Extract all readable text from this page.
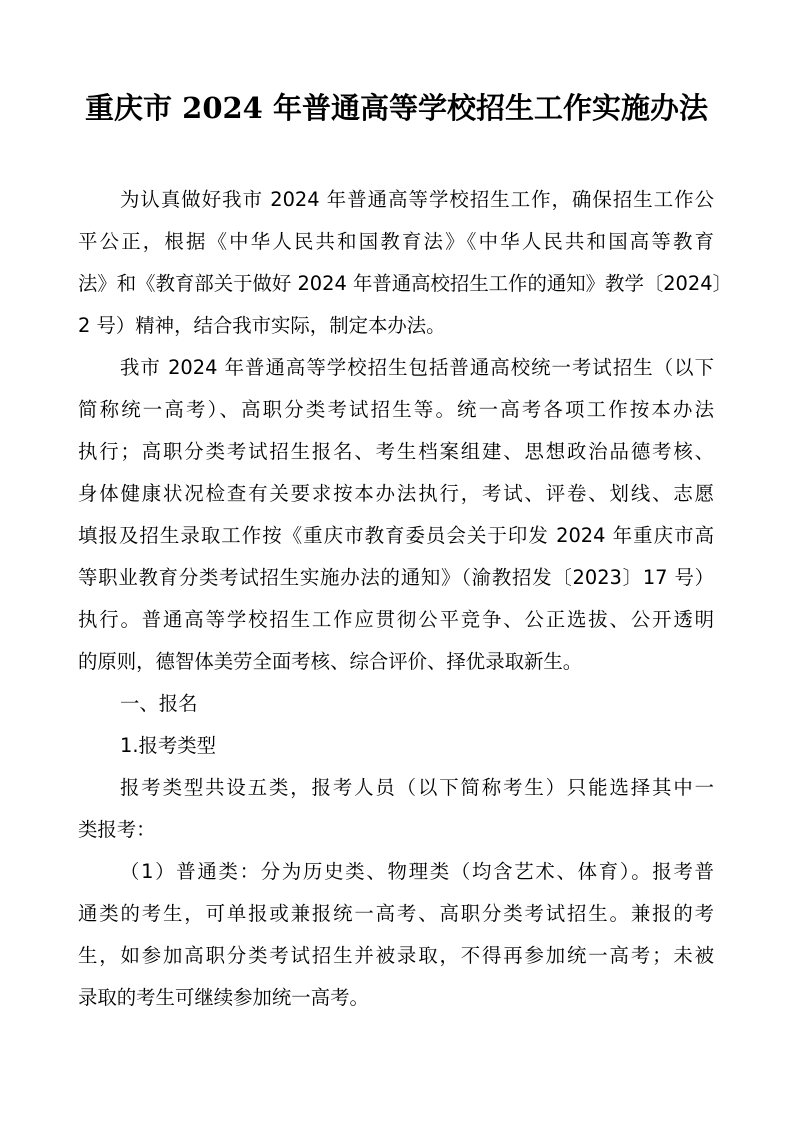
重庆市 2024 年普通高等学校招生工作实施办法
为认真做好我市 2024 年普通高等学校招生工作，确保招生工作公
平公正，根据《中华人民共和国教育法》《中华人民共和国高等教育
法》和《教育部关于做好 2024 年普通高校招生工作的通知》教学〔2024〕
2 号）精神，结合我市实际，制定本办法。
我市 2024 年普通高等学校招生包括普通高校统一考试招生（以下
简称统一高考）、高职分类考试招生等。统一高考各项工作按本办法
执行；高职分类考试招生报名、考生档案组建、思想政治品德考核、
身体健康状况检查有关要求按本办法执行，考试、评卷、划线、志愿
填报及招生录取工作按《重庆市教育委员会关于印发 2024 年重庆市高
等职业教育分类考试招生实施办法的通知》（渝教招发〔2023〕17 号）
执行。普通高等学校招生工作应贯彻公平竞争、公正选拔、公开透明
的原则，德智体美劳全面考核、综合评价、择优录取新生。
一、报名
1.报考类型
报考类型共设五类，报考人员（以下简称考生）只能选择其中一
类报考：
（1）普通类：分为历史类、物理类（均含艺术、体育）。报考普
通类的考生，可单报或兼报统一高考、高职分类考试招生。兼报的考
生，如参加高职分类考试招生并被录取，不得再参加统一高考；未被
录取的考生可继续参加统一高考。
